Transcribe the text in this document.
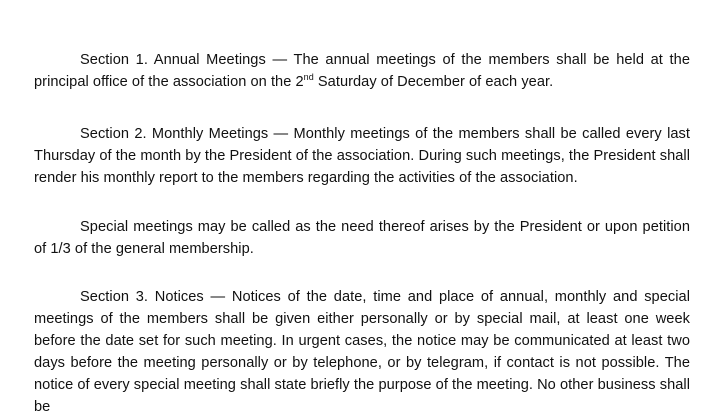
Section 1. Annual Meetings — The annual meetings of the members shall be held at the principal office of the association on the 2nd Saturday of December of each year.

Section 2. Monthly Meetings — Monthly meetings of the members shall be called every last Thursday of the month by the President of the association. During such meetings, the President shall render his monthly report to the members regarding the activities of the association.

Special meetings may be called as the need thereof arises by the President or upon petition of 1/3 of the general membership.

Section 3. Notices — Notices of the date, time and place of annual, monthly and special meetings of the members shall be given either personally or by special mail, at least one week before the date set for such meeting. In urgent cases, the notice may be communicated at least two days before the meeting personally or by telephone, or by telegram, if contact is not possible. The notice of every special meeting shall state briefly the purpose of the meeting. No other business shall be
